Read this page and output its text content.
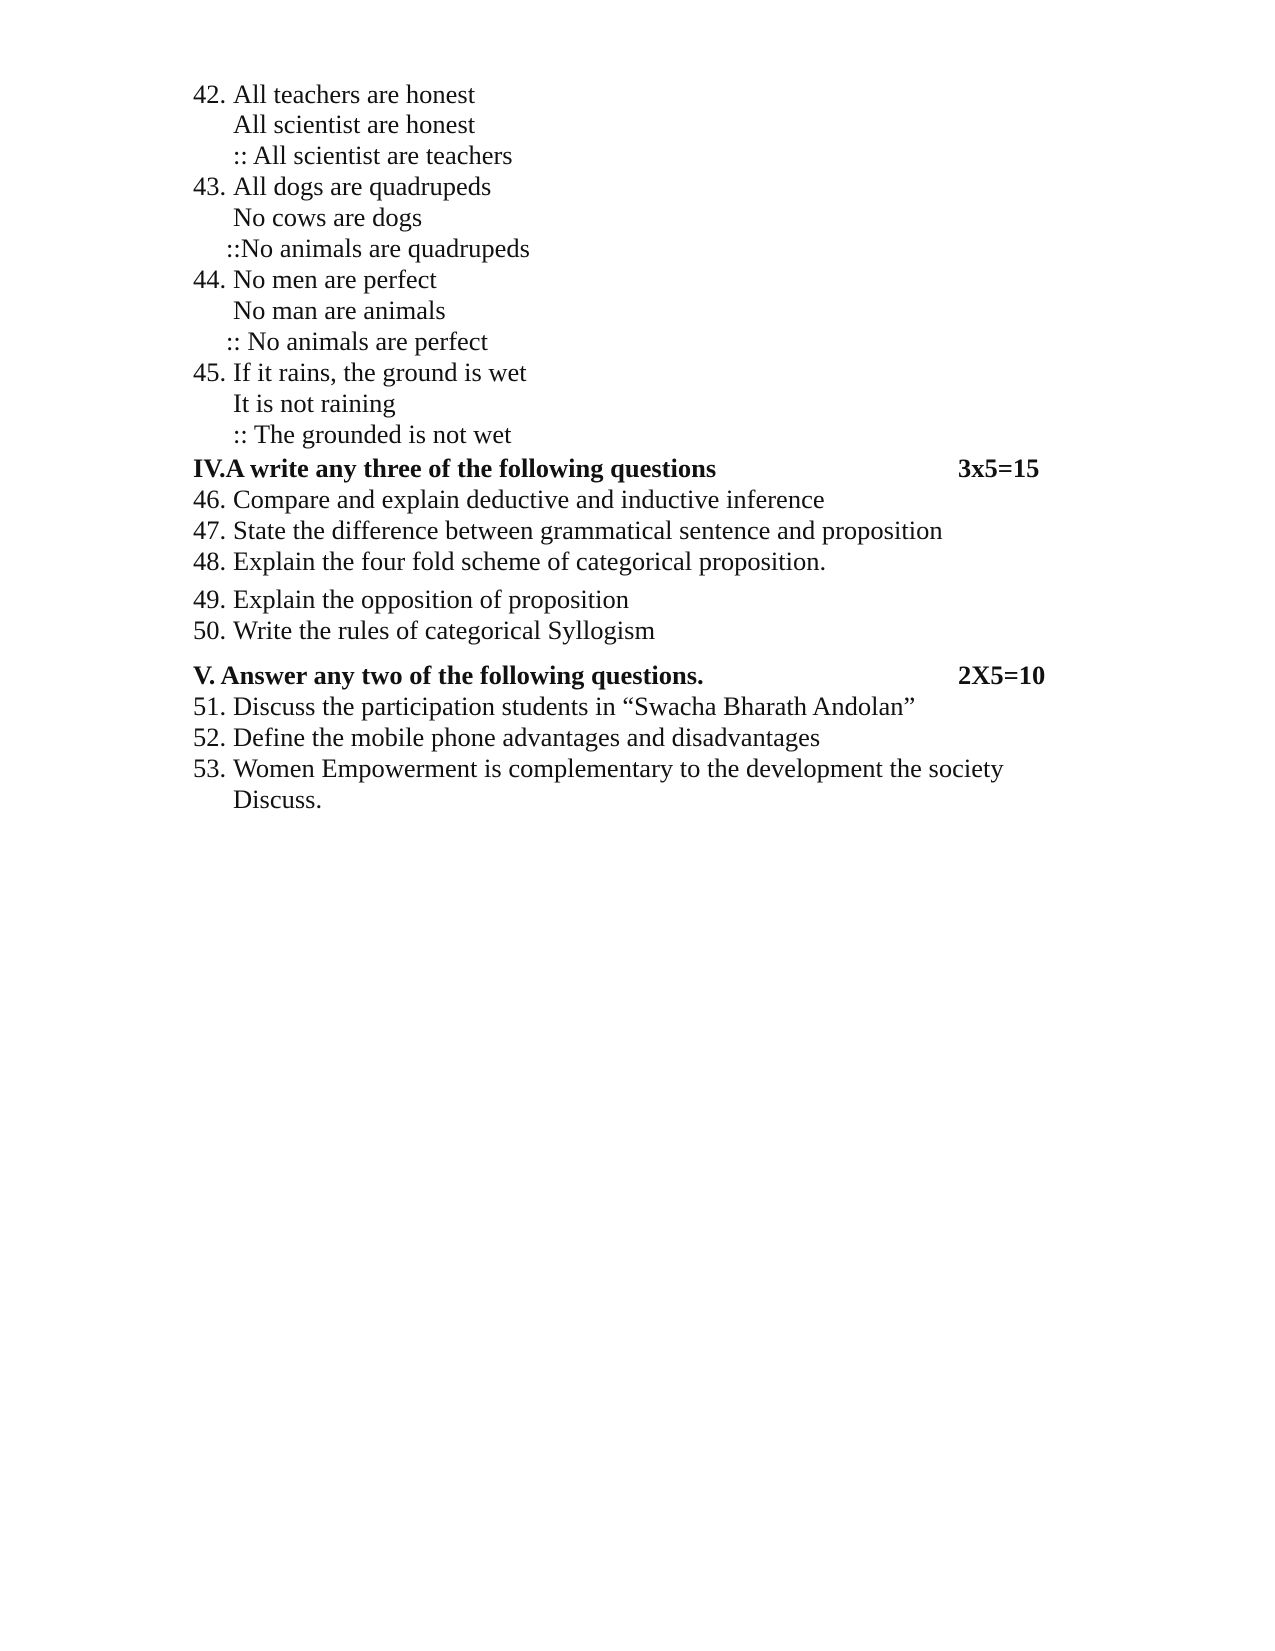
42. All teachers are honest
All scientist are honest
:: All scientist are teachers
43. All dogs are quadrupeds
No cows are dogs
::No animals are quadrupeds
44. No men are perfect
No man are animals
:: No animals are perfect
45. If it rains, the ground is wet
It is not raining
:: The grounded is not wet
IV.A write any three of the following questions	3x5=15
46. Compare and explain deductive and inductive inference
47. State the difference between grammatical sentence and proposition
48. Explain the four fold scheme of categorical proposition.
49. Explain the opposition of proposition
50. Write the rules of categorical Syllogism
V. Answer any two of the following questions.	2X5=10
51. Discuss the participation students in “Swacha Bharath Andolan”
52. Define the mobile phone advantages and disadvantages
53. Women Empowerment is complementary to the development the society
Discuss.
